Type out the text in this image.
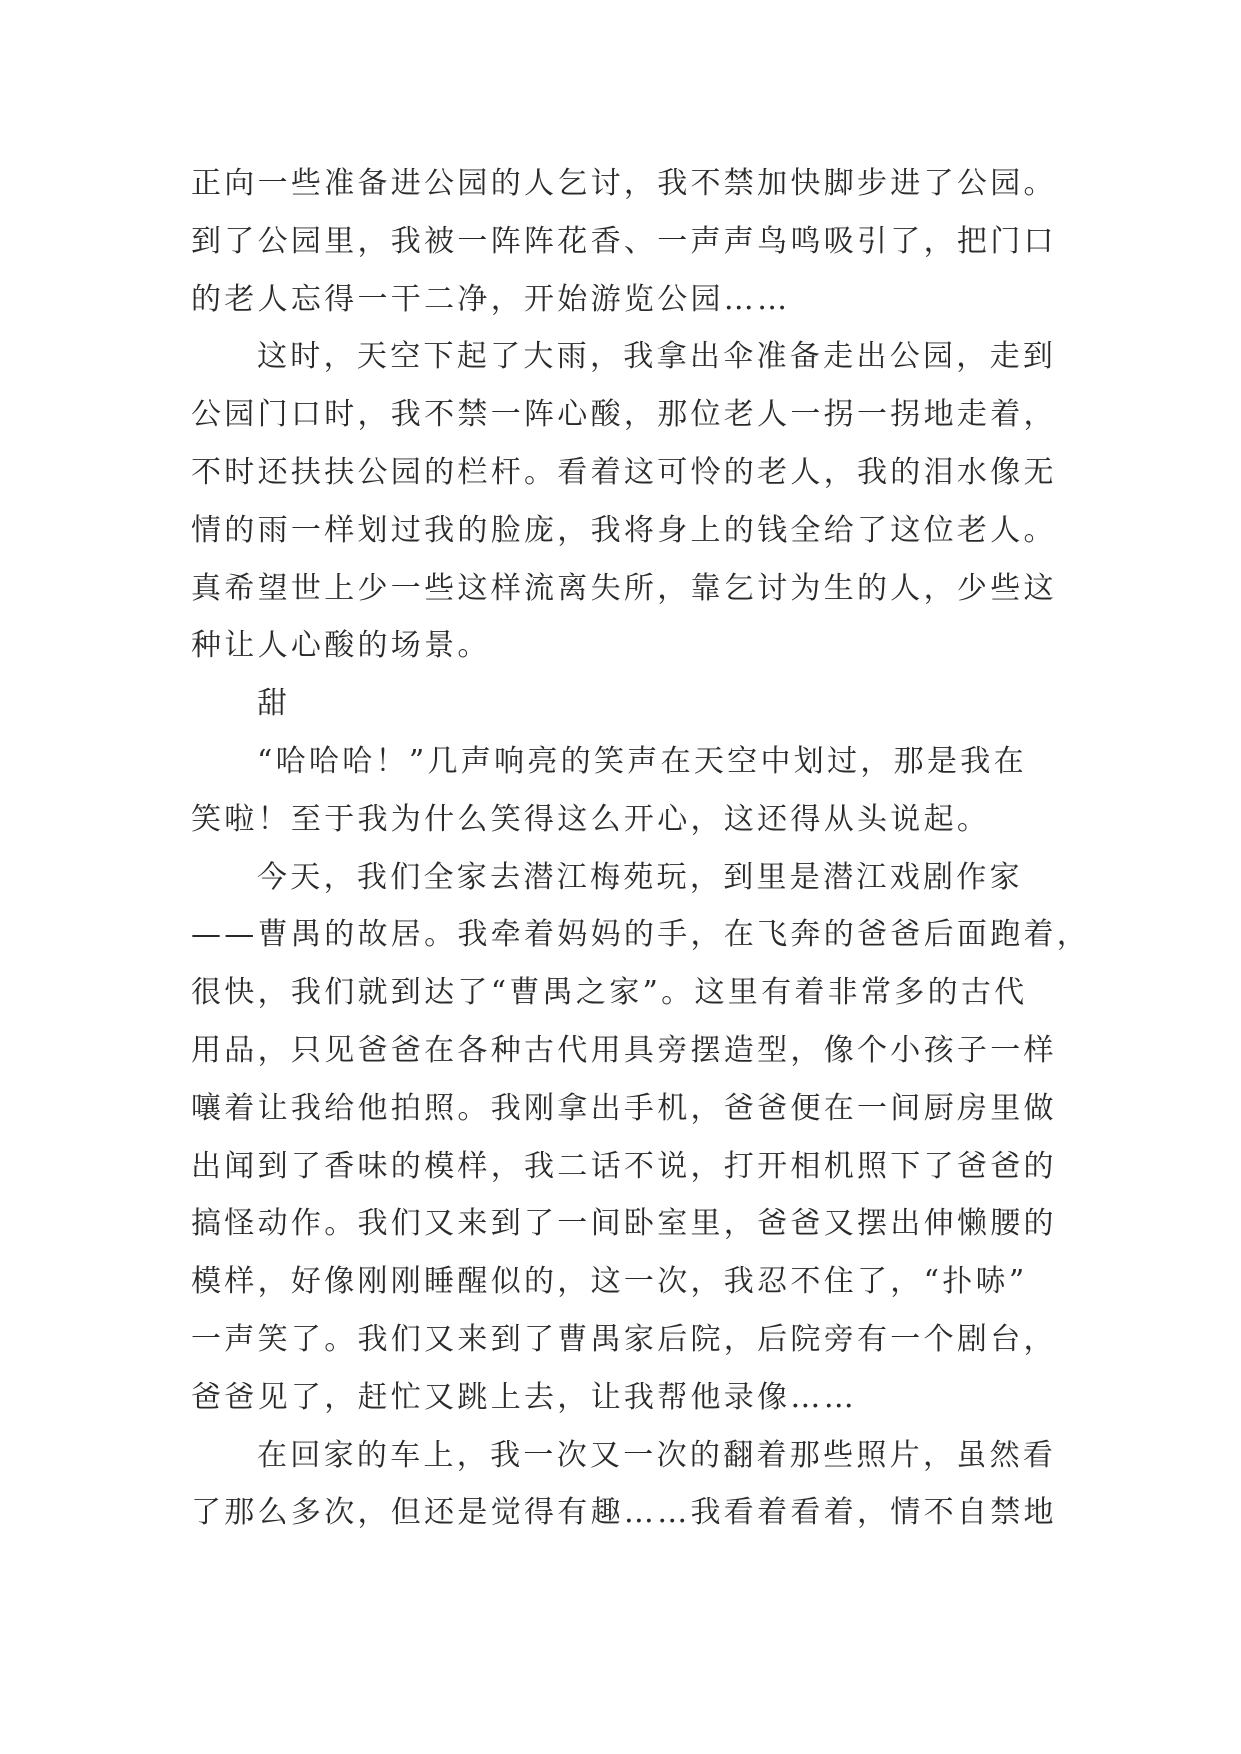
正向一些准备进公园的人乞讨，我不禁加快脚步进了公园。
到了公园里，我被一阵阵花香、一声声鸟鸣吸引了，把门口
的老人忘得一干二净，开始游览公园……
这时，天空下起了大雨，我拿出伞准备走出公园，走到
公园门口时，我不禁一阵心酸，那位老人一拐一拐地走着，
不时还扶扶公园的栏杆。看着这可怜的老人，我的泪水像无
情的雨一样划过我的脸庞，我将身上的钱全给了这位老人。
真希望世上少一些这样流离失所，靠乞讨为生的人，少些这
种让人心酸的场景。
甜
“哈哈哈！”几声响亮的笑声在天空中划过，那是我在
笑啦！至于我为什么笑得这么开心，这还得从头说起。
今天，我们全家去潜江梅苑玩，到里是潜江戏剧作家
——曹禺的故居。我牵着妈妈的手，在飞奔的爸爸后面跑着，
很快，我们就到达了“曹禺之家”。这里有着非常多的古代
用品，只见爸爸在各种古代用具旁摆造型，像个小孩子一样
嚷着让我给他拍照。我刚拿出手机，爸爸便在一间厨房里做
出闻到了香味的模样，我二话不说，打开相机照下了爸爸的
搞怪动作。我们又来到了一间卧室里，爸爸又摆出伸懒腰的
模样，好像刚刚睡醒似的，这一次，我忍不住了，“扑哧”
一声笑了。我们又来到了曹禺家后院，后院旁有一个剧台，
爸爸见了，赶忙又跳上去，让我帮他录像……
在回家的车上，我一次又一次的翻着那些照片，虽然看
了那么多次，但还是觉得有趣……我看着看着，情不自禁地
